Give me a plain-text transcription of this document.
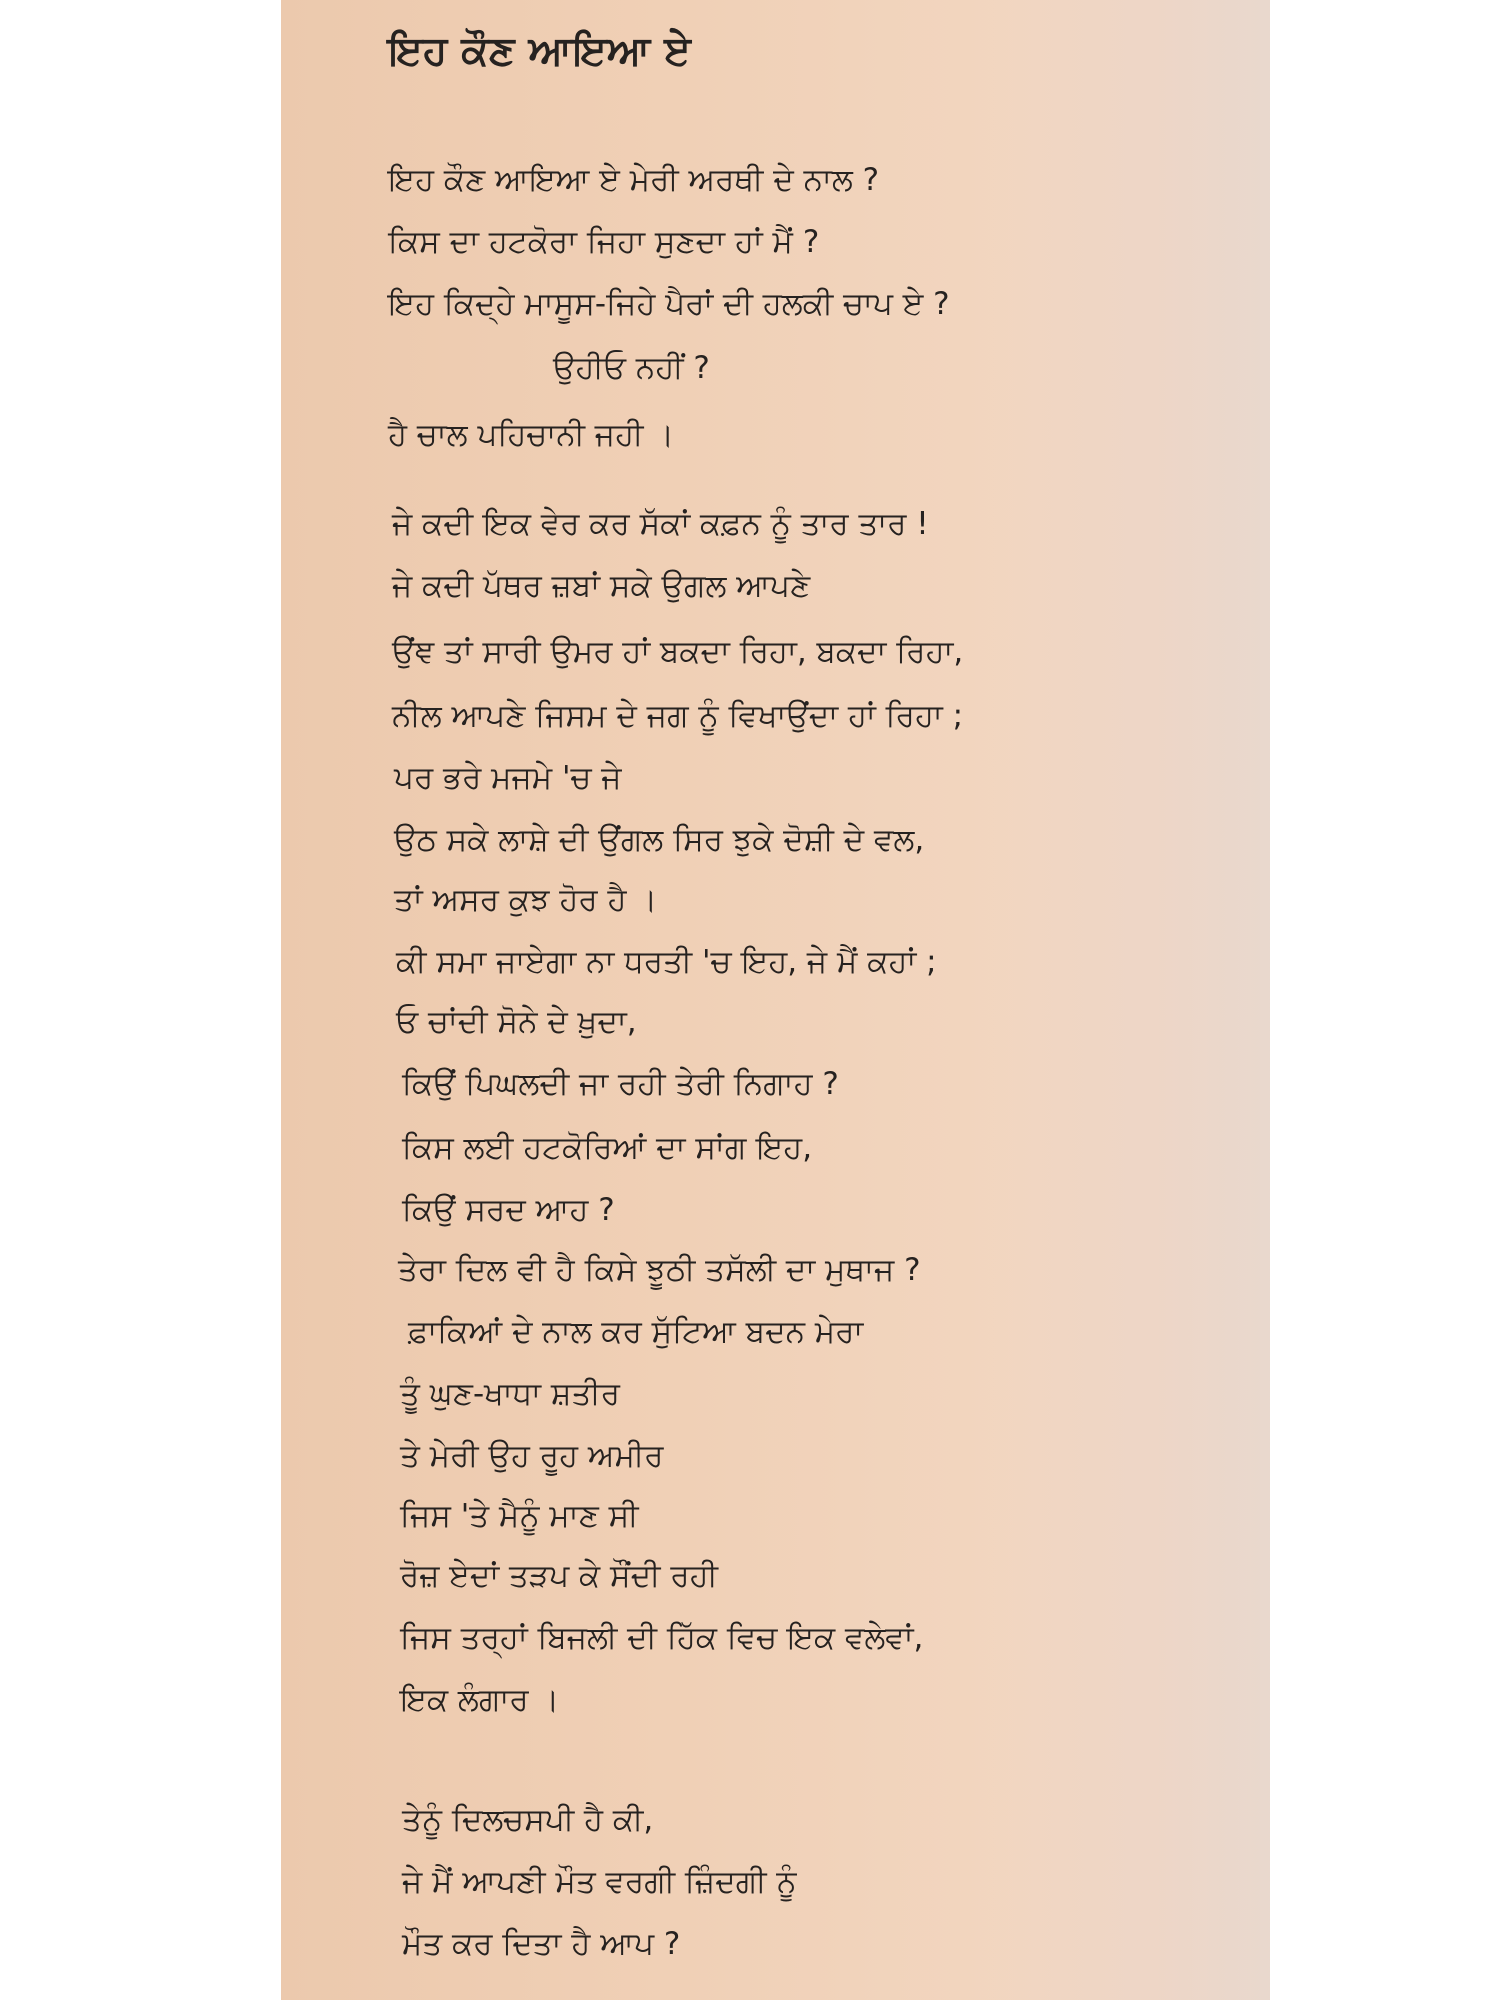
ਇਹ ਕੌਣ ਆਇਆ ਏ
ਇਹ ਕੌਣ ਆਇਆ ਏ ਮੇਰੀ ਅਰਥੀ ਦੇ ਨਾਲ ?
ਕਿਸ ਦਾ ਹਟਕੋਰਾ ਜਿਹਾ ਸੁਣਦਾ ਹਾਂ ਮੈਂ ?
ਇਹ ਕਿਦ੍ਹੇ ਮਾਸੂਸ-ਜਿਹੇ ਪੈਰਾਂ ਦੀ ਹਲਕੀ ਚਾਪ ਏ ?
ਉਹੀਓ ਨਹੀਂ ?
ਹੈ ਚਾਲ ਪਹਿਚਾਨੀ ਜਹੀ ।
ਜੇ ਕਦੀ ਇਕ ਵੇਰ ਕਰ ਸੱਕਾਂ ਕਫ਼ਨ ਨੂੰ ਤਾਰ ਤਾਰ !
ਜੇ ਕਦੀ ਪੱਥਰ ਜ਼ਬਾਂ ਸਕੇ ਉਗਲ ਆਪਣੇ
ਉਂਞ ਤਾਂ ਸਾਰੀ ਉਮਰ ਹਾਂ ਬਕਦਾ ਰਿਹਾ, ਬਕਦਾ ਰਿਹਾ,
ਨੀਲ ਆਪਣੇ ਜਿਸਮ ਦੇ ਜਗ ਨੂੰ ਵਿਖਾਉਂਦਾ ਹਾਂ ਰਿਹਾ ;
ਪਰ ਭਰੇ ਮਜਮੇ 'ਚ ਜੇ
ਉਠ ਸਕੇ ਲਾਸ਼ੇ ਦੀ ਉਂਗਲ ਸਿਰ ਝੁਕੇ ਦੋਸ਼ੀ ਦੇ ਵਲ,
ਤਾਂ ਅਸਰ ਕੁਝ ਹੋਰ ਹੈ ।
ਕੀ ਸਮਾ ਜਾਏਗਾ ਨਾ ਧਰਤੀ 'ਚ ਇਹ, ਜੇ ਮੈਂ ਕਹਾਂ ;
ਓ ਚਾਂਦੀ ਸੋਨੇ ਦੇ ਖ਼ੁਦਾ,
ਕਿਉਂ ਪਿਘਲਦੀ ਜਾ ਰਹੀ ਤੇਰੀ ਨਿਗਾਹ ?
ਕਿਸ ਲਈ ਹਟਕੋਰਿਆਂ ਦਾ ਸਾਂਗ ਇਹ,
ਕਿਉਂ ਸਰਦ ਆਹ ?
ਤੇਰਾ ਦਿਲ ਵੀ ਹੈ ਕਿਸੇ ਝੂਠੀ ਤਸੱਲੀ ਦਾ ਮੁਥਾਜ ?
ਫ਼ਾਕਿਆਂ ਦੇ ਨਾਲ ਕਰ ਸੁੱਟਿਆ ਬਦਨ ਮੇਰਾ
ਤੂੰ ਘੁਣ-ਖਾਧਾ ਸ਼ਤੀਰ
ਤੇ ਮੇਰੀ ਉਹ ਰੂਹ ਅਮੀਰ
ਜਿਸ 'ਤੇ ਮੈਨੂੰ ਮਾਣ ਸੀ
ਰੋਜ਼ ਏਦਾਂ ਤੜਪ ਕੇ ਸੌਂਦੀ ਰਹੀ
ਜਿਸ ਤਰ੍ਹਾਂ ਬਿਜਲੀ ਦੀ ਹਿੱਕ ਵਿਚ ਇਕ ਵਲੇਵਾਂ,
ਇਕ ਲੰਗਾਰ ।
ਤੇਨੂੰ ਦਿਲਚਸਪੀ ਹੈ ਕੀ,
ਜੇ ਮੈਂ ਆਪਣੀ ਮੌਤ ਵਰਗੀ ਜ਼ਿੰਦਗੀ ਨੂੰ
ਮੌਤ ਕਰ ਦਿਤਾ ਹੈ ਆਪ ?
